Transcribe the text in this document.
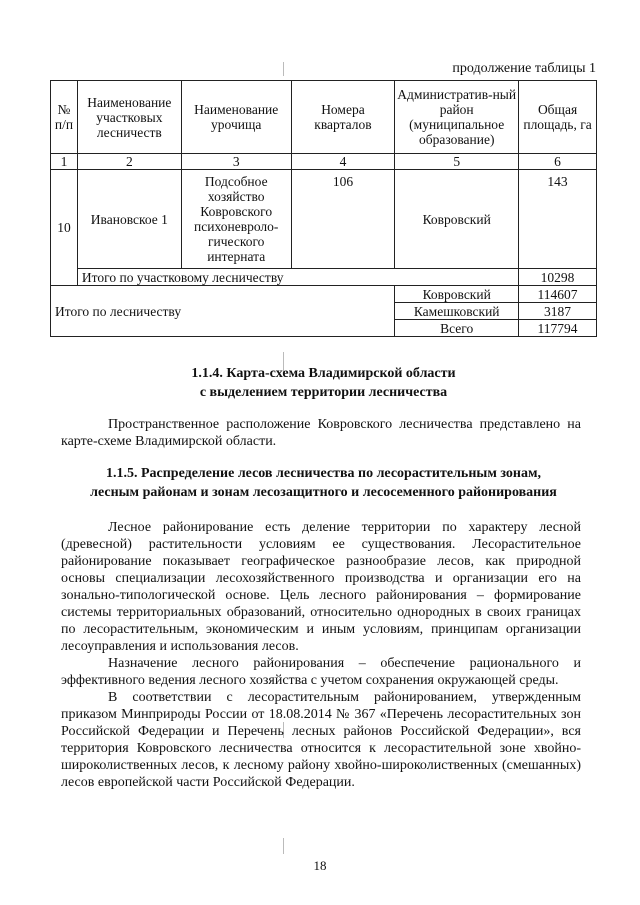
продолжение таблицы 1
№ п/п	Наименование участковых лесничеств	Наименование урочища	Номера кварталов	Административ-ный район (муниципальное образование)	Общая площадь, га
1	2	3	4	5	6
10	Ивановское 1	Подсобное хозяйство Ковровского психоневроло-гического интерната	106	Ковровский	143
	Итого по участковому лесничеству				10298
Итого по лесничеству				Ковровский	114607
				Камешковский	3187
				Всего	117794
1.1.4. Карта-схема Владимирской области
с выделением территории лесничества

Пространственное расположение Ковровского лесничества представлено на карте-схеме Владимирской области.

1.1.5. Распределение лесов лесничества по лесорастительным зонам,
лесным районам и зонам лесозащитного и лесосеменного районирования

Лесное районирование есть деление территории по характеру лесной (древесной) растительности условиям ее существования. Лесорастительное районирование показывает географическое разнообразие лесов, как природной основы специализации лесохозяйственного производства и организации его на зонально-типологической основе. Цель лесного районирования – формирование системы территориальных образований, относительно однородных в своих границах по лесорастительным, экономическим и иным условиям, принципам организации лесоуправления и использования лесов.

Назначение лесного районирования – обеспечение рационального и эффективного ведения лесного хозяйства с учетом сохранения окружающей среды.

В соответствии с лесорастительным районированием, утвержденным приказом Минприроды России от 18.08.2014 № 367 «Перечень лесорастительных зон Российской Федерации и Перечень лесных районов Российской Федерации», вся территория Ковровского лесничества относится к лесорастительной зоне хвойно-широколиственных лесов, к лесному району хвойно-широколиственных (смешанных) лесов европейской части Российской Федерации.

18
